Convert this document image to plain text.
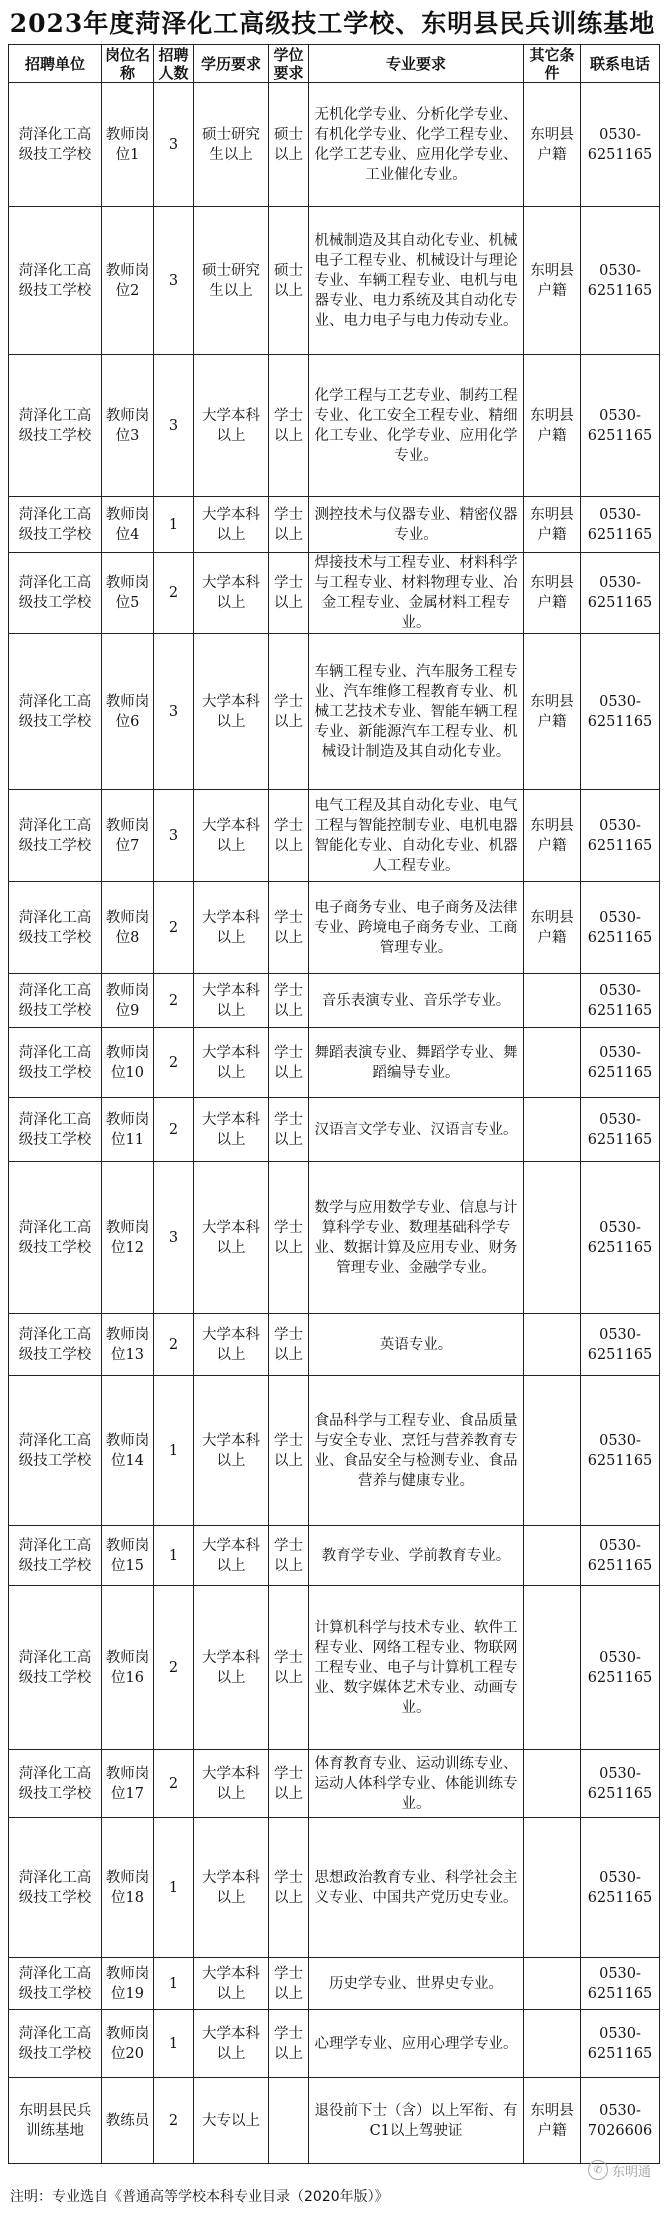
2023年度菏泽化工高级技工学校、东明县民兵训练基地
招聘单位	岗位名称	招聘人数	学历要求	学位要求	专业要求	其它条件	联系电话
菏泽化工高级技工学校	教师岗位1	3	硕士研究生以上	硕士以上	无机化学专业、分析化学专业、有机化学专业、化学工程专业、化学工艺专业、应用化学专业、工业催化专业。	东明县户籍	0530-6251165
菏泽化工高级技工学校	教师岗位2	3	硕士研究生以上	硕士以上	机械制造及其自动化专业、机械电子工程专业、机械设计与理论专业、车辆工程专业、电机与电器专业、电力系统及其自动化专业、电力电子与电力传动专业。	东明县户籍	0530-6251165
菏泽化工高级技工学校	教师岗位3	3	大学本科以上	学士以上	化学工程与工艺专业、制药工程专业、化工安全工程专业、精细化工专业、化学专业、应用化学专业。	东明县户籍	0530-6251165
菏泽化工高级技工学校	教师岗位4	1	大学本科以上	学士以上	测控技术与仪器专业、精密仪器专业。	东明县户籍	0530-6251165
菏泽化工高级技工学校	教师岗位5	2	大学本科以上	学士以上	焊接技术与工程专业、材料科学与工程专业、材料物理专业、冶金工程专业、金属材料工程专业。	东明县户籍	0530-6251165
菏泽化工高级技工学校	教师岗位6	3	大学本科以上	学士以上	车辆工程专业、汽车服务工程专业、汽车维修工程教育专业、机械工艺技术专业、智能车辆工程专业、新能源汽车工程专业、机械设计制造及其自动化专业。	东明县户籍	0530-6251165
菏泽化工高级技工学校	教师岗位7	3	大学本科以上	学士以上	电气工程及其自动化专业、电气工程与智能控制专业、电机电器智能化专业、自动化专业、机器人工程专业。	东明县户籍	0530-6251165
菏泽化工高级技工学校	教师岗位8	2	大学本科以上	学士以上	电子商务专业、电子商务及法律专业、跨境电子商务专业、工商管理专业。	东明县户籍	0530-6251165
菏泽化工高级技工学校	教师岗位9	2	大学本科以上	学士以上	音乐表演专业、音乐学专业。		0530-6251165
菏泽化工高级技工学校	教师岗位10	2	大学本科以上	学士以上	舞蹈表演专业、舞蹈学专业、舞蹈编导专业。		0530-6251165
菏泽化工高级技工学校	教师岗位11	2	大学本科以上	学士以上	汉语言文学专业、汉语言专业。		0530-6251165
菏泽化工高级技工学校	教师岗位12	3	大学本科以上	学士以上	数学与应用数学专业、信息与计算科学专业、数理基础科学专业、数据计算及应用专业、财务管理专业、金融学专业。		0530-6251165
菏泽化工高级技工学校	教师岗位13	2	大学本科以上	学士以上	英语专业。		0530-6251165
菏泽化工高级技工学校	教师岗位14	1	大学本科以上	学士以上	食品科学与工程专业、食品质量与安全专业、烹饪与营养教育专业、食品安全与检测专业、食品营养与健康专业。		0530-6251165
菏泽化工高级技工学校	教师岗位15	1	大学本科以上	学士以上	教育学专业、学前教育专业。		0530-6251165
菏泽化工高级技工学校	教师岗位16	2	大学本科以上	学士以上	计算机科学与技术专业、软件工程专业、网络工程专业、物联网工程专业、电子与计算机工程专业、数字媒体艺术专业、动画专业。		0530-6251165
菏泽化工高级技工学校	教师岗位17	2	大学本科以上	学士以上	体育教育专业、运动训练专业、运动人体科学专业、体能训练专业。		0530-6251165
菏泽化工高级技工学校	教师岗位18	1	大学本科以上	学士以上	思想政治教育专业、科学社会主义专业、中国共产党历史专业。		0530-6251165
菏泽化工高级技工学校	教师岗位19	1	大学本科以上	学士以上	历史学专业、世界史专业。		0530-6251165
菏泽化工高级技工学校	教师岗位20	1	大学本科以上	学士以上	心理学专业、应用心理学专业。		0530-6251165
东明县民兵训练基地	教练员	2	大专以上		退役前下士（含）以上军衔、有C1以上驾驶证	东明县户籍	0530-7026606
注明：专业选自《普通高等学校本科专业目录（2020年版）》
✆ 东明通
